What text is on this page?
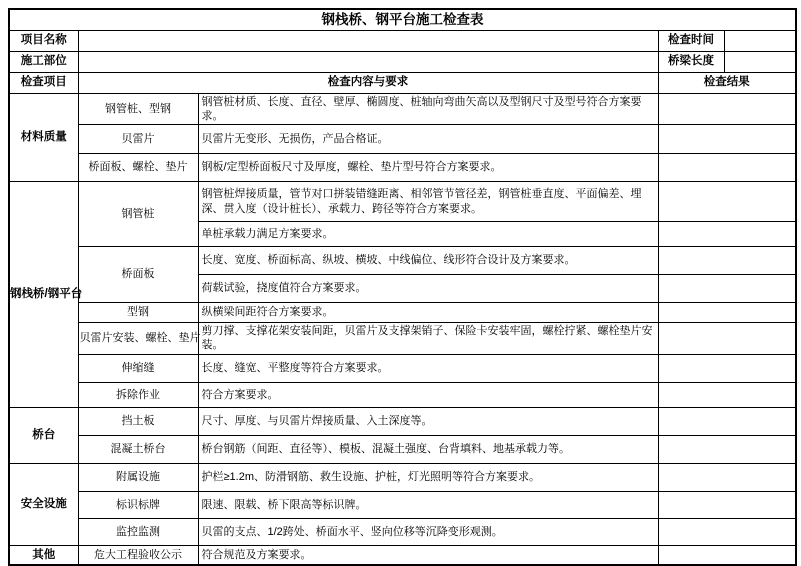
钢栈桥、钢平台施工检查表				
项目名称			检查时间	
施工部位			桥梁长度	
检查项目	检查内容与要求		检查结果	
材料质量	钢管桩、型钢	钢管桩材质、长度、直径、壁厚、椭圆度、桩轴向弯曲矢高以及型钢尺寸及型号符合方案要求。		
	贝雷片	贝雷片无变形、无损伤，产品合格证。		
	桥面板、螺栓、垫片	钢板/定型桥面板尺寸及厚度，螺栓、垫片型号符合方案要求。		
钢栈桥/钢平台	钢管桩	钢管桩焊接质量，管节对口拼装错缝距离、相邻管节管径差，钢管桩垂直度、平面偏差、埋深、贯入度（设计桩长）、承载力、跨径等符合方案要求。		
		单桩承载力满足方案要求。		
	桥面板	长度、宽度、桥面标高、纵坡、横坡、中线偏位、线形符合设计及方案要求。		
		荷载试验，挠度值符合方案要求。		
	型钢	纵横梁间距符合方案要求。		
	贝雷片安装、螺栓、垫片	剪刀撑、支撑花架安装间距，贝雷片及支撑架销子、保险卡安装牢固，螺栓拧紧、螺栓垫片安装。		
	伸缩缝	长度、缝宽、平整度等符合方案要求。		
	拆除作业	符合方案要求。		
桥台	挡土板	尺寸、厚度、与贝雷片焊接质量、入土深度等。		
	混凝土桥台	桥台钢筋（间距、直径等）、模板、混凝土强度、台背填料、地基承载力等。		
安全设施	附属设施	护栏≥1.2m、防滑钢筋、救生设施、护桩，灯光照明等符合方案要求。		
	标识标牌	限速、限载、桥下限高等标识牌。		
	监控监测	贝雷的支点、1/2跨处、桥面水平、竖向位移等沉降变形观测。		
其他	危大工程验收公示	符合规范及方案要求。		
